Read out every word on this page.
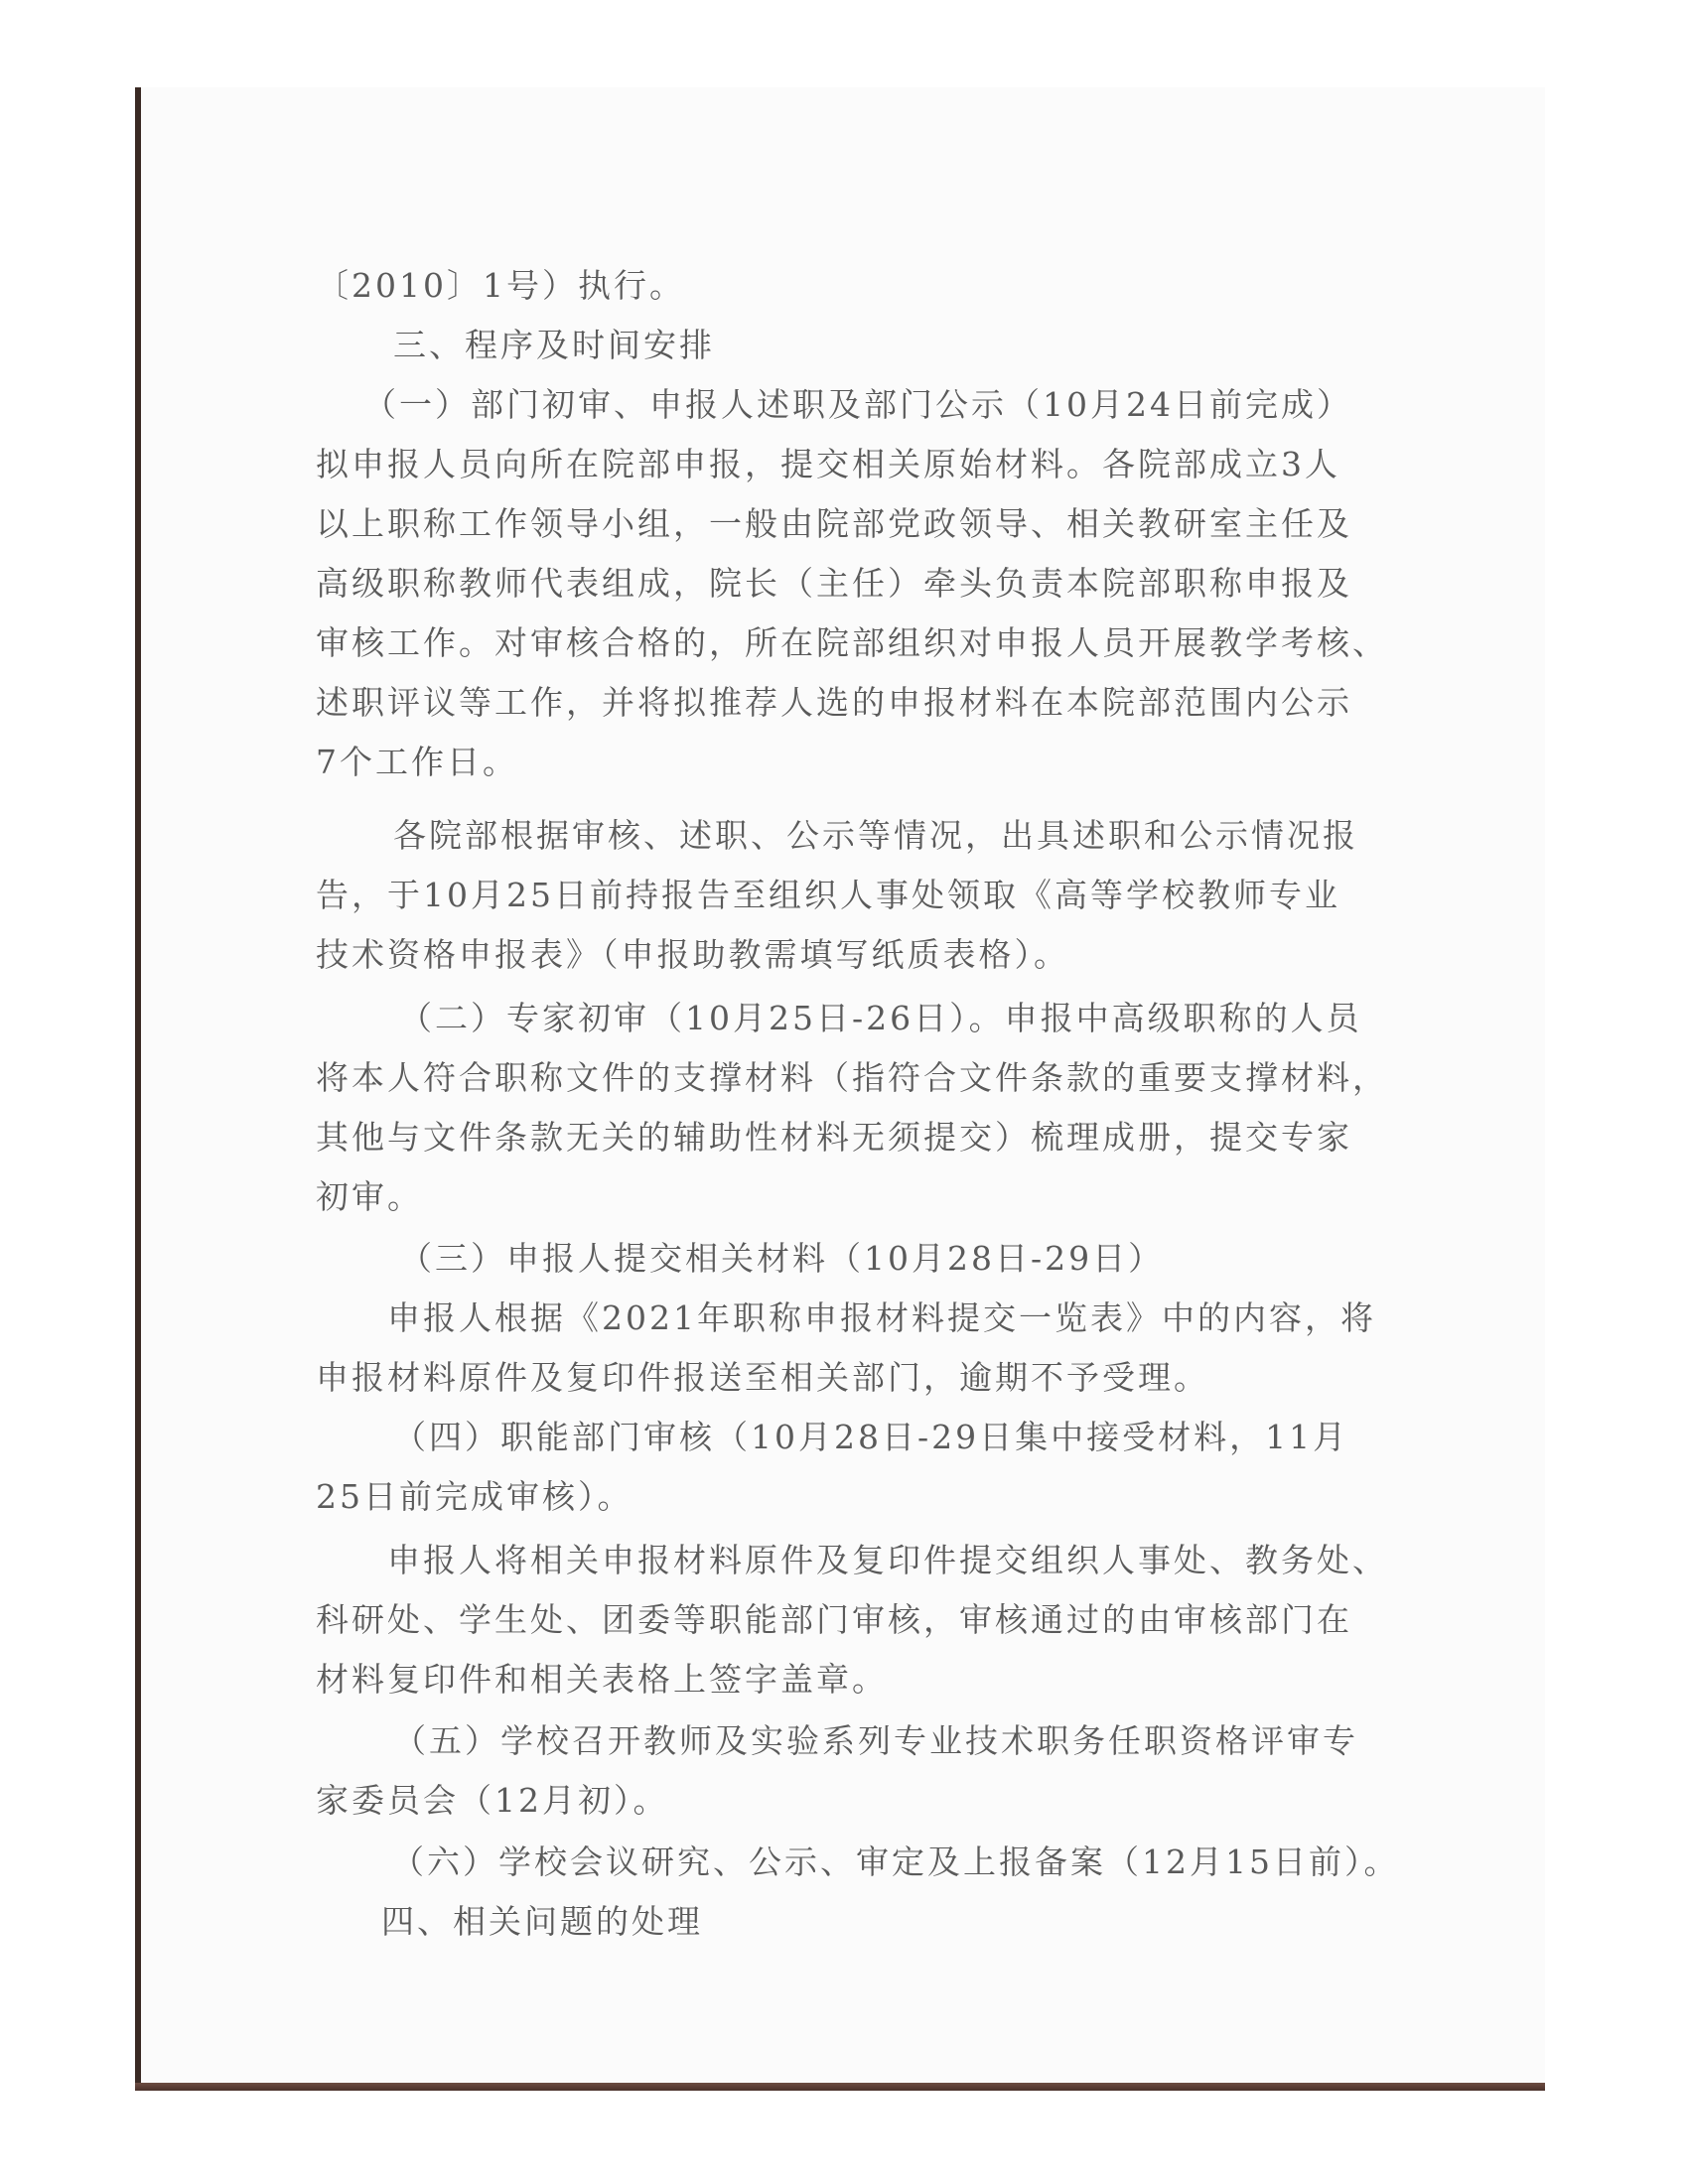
〔2010〕1号）执行。

三、程序及时间安排

（一）部门初审、申报人述职及部门公示（10月24日前完成）

拟申报人员向所在院部申报，提交相关原始材料。各院部成立3人

以上职称工作领导小组，一般由院部党政领导、相关教研室主任及

高级职称教师代表组成，院长（主任）牵头负责本院部职称申报及

审核工作。对审核合格的，所在院部组织对申报人员开展教学考核、

述职评议等工作，并将拟推荐人选的申报材料在本院部范围内公示

7个工作日。

各院部根据审核、述职、公示等情况，出具述职和公示情况报

告，于10月25日前持报告至组织人事处领取《高等学校教师专业

技术资格申报表》（申报助教需填写纸质表格）。

（二）专家初审（10月25日-26日）。申报中高级职称的人员

将本人符合职称文件的支撑材料（指符合文件条款的重要支撑材料，

其他与文件条款无关的辅助性材料无须提交）梳理成册，提交专家

初审。

（三）申报人提交相关材料（10月28日-29日）

申报人根据《2021年职称申报材料提交一览表》中的内容，将

申报材料原件及复印件报送至相关部门，逾期不予受理。

（四）职能部门审核（10月28日-29日集中接受材料，11月

25日前完成审核）。

申报人将相关申报材料原件及复印件提交组织人事处、教务处、

科研处、学生处、团委等职能部门审核，审核通过的由审核部门在

材料复印件和相关表格上签字盖章。

（五）学校召开教师及实验系列专业技术职务任职资格评审专

家委员会（12月初）。

（六）学校会议研究、公示、审定及上报备案（12月15日前）。

四、相关问题的处理
